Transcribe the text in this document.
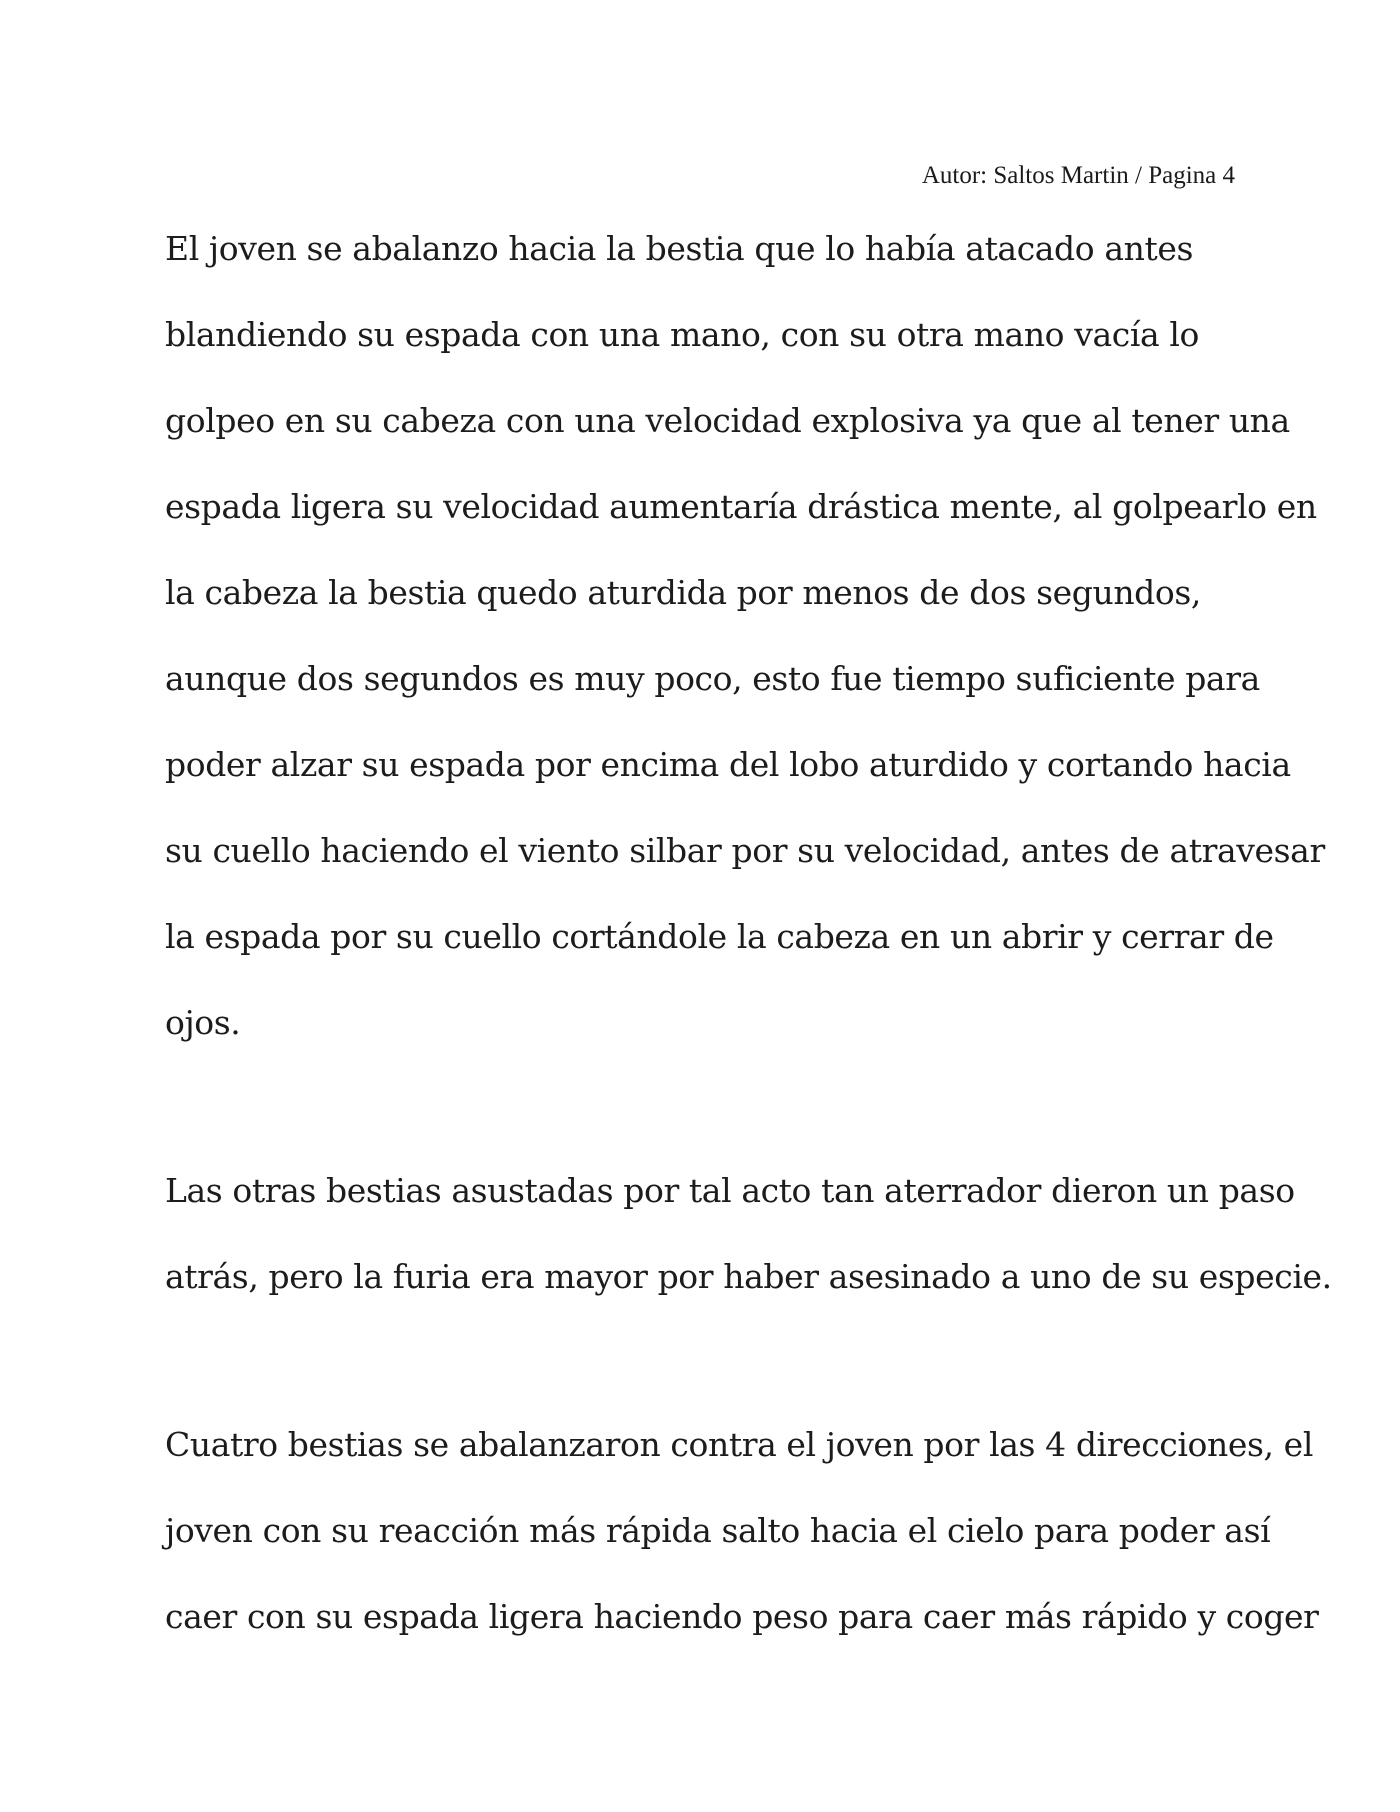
Autor: Saltos Martin / Pagina 4
El joven se abalanzo hacia la bestia que lo había atacado antes
blandiendo su espada con una mano, con su otra mano vacía lo
golpeo en su cabeza con una velocidad explosiva ya que al tener una
espada ligera su velocidad aumentaría drástica mente, al golpearlo en
la cabeza la bestia quedo aturdida por menos de dos segundos,
aunque dos segundos es muy poco, esto fue tiempo suficiente para
poder alzar su espada por encima del lobo aturdido y cortando hacia
su cuello haciendo el viento silbar por su velocidad, antes de atravesar
la espada por su cuello cortándole la cabeza en un abrir y cerrar de
ojos.
Las otras bestias asustadas por tal acto tan aterrador dieron un paso
atrás, pero la furia era mayor por haber asesinado a uno de su especie.
Cuatro bestias se abalanzaron contra el joven por las 4 direcciones, el
joven con su reacción más rápida salto hacia el cielo para poder así
caer con su espada ligera haciendo peso para caer más rápido y coger
